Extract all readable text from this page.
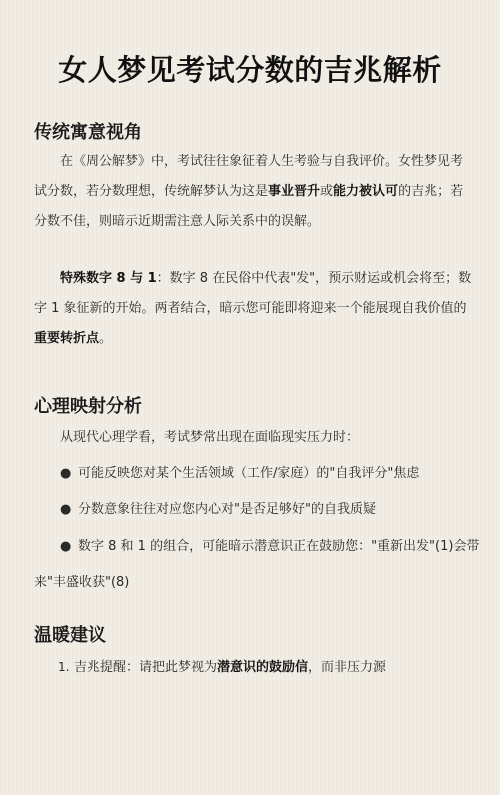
女人梦见考试分数的吉兆解析
传统寓意视角

在《周公解梦》中，考试往往象征着人生考验与自我评价。女性梦见考试分数，若分数理想，传统解梦认为这是事业晋升或能力被认可的吉兆；若分数不佳，则暗示近期需注意人际关系中的误解。

特殊数字 8 与 1：数字 8 在民俗中代表"发"，预示财运或机会将至；数字 1 象征新的开始。两者结合，暗示您可能即将迎来一个能展现自我价值的重要转折点。

心理映射分析
从现代心理学看，考试梦常出现在面临现实压力时：
● 可能反映您对某个生活领域（工作/家庭）的"自我评分"焦虑
● 分数意象往往对应您内心对"是否足够好"的自我质疑
● 数字 8 和 1 的组合，可能暗示潜意识正在鼓励您："重新出发"(1)会带
来"丰盛收获"(8)
温暖建议
1. 吉兆提醒：请把此梦视为潜意识的鼓励信，而非压力源
